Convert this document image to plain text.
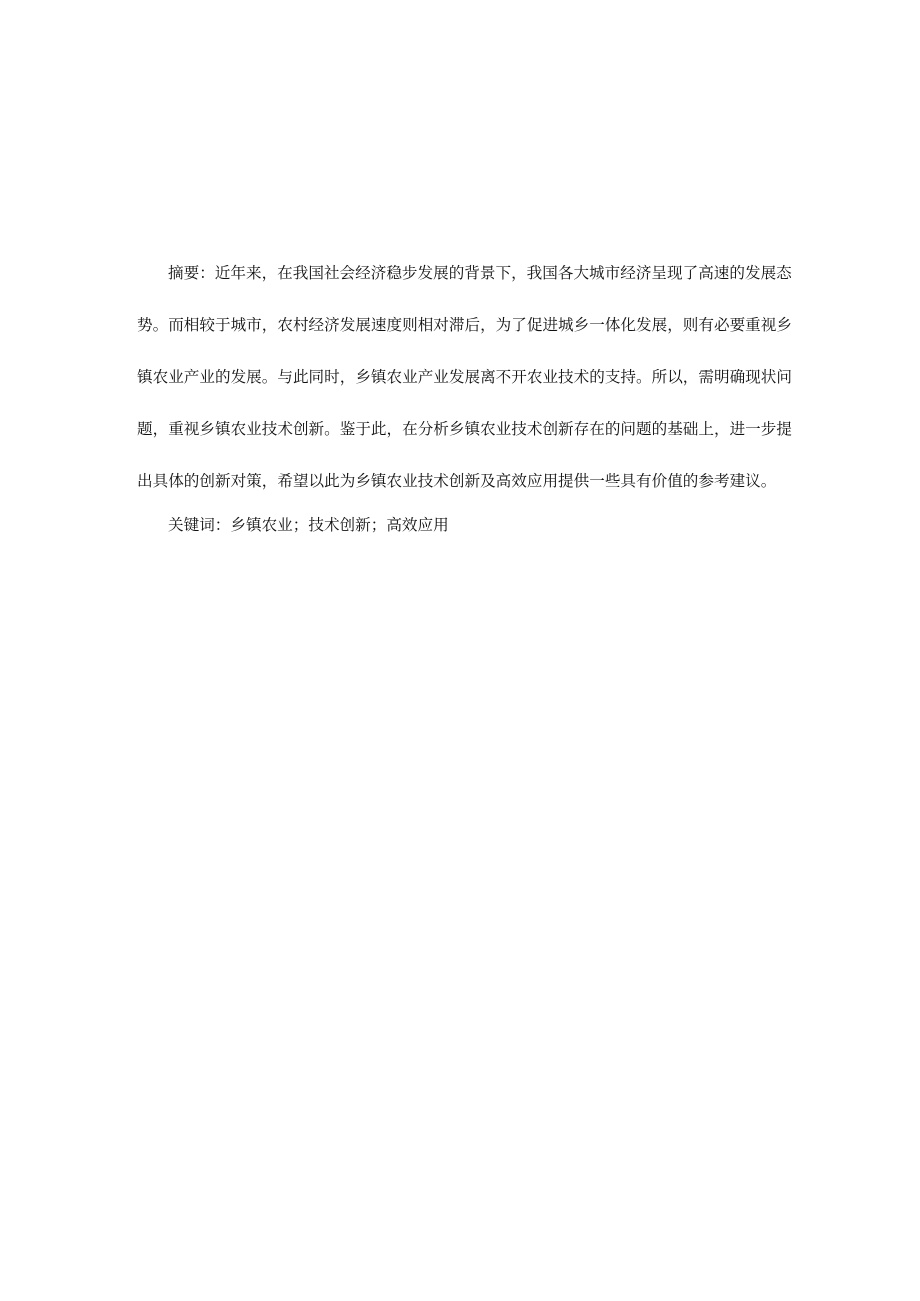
摘要：近年来，在我国社会经济稳步发展的背景下，我国各大城市经济呈现了高速的发展态
势。而相较于城市，农村经济发展速度则相对滞后，为了促进城乡一体化发展，则有必要重视乡
镇农业产业的发展。与此同时，乡镇农业产业发展离不开农业技术的支持。所以，需明确现状问
题，重视乡镇农业技术创新。鉴于此，在分析乡镇农业技术创新存在的问题的基础上，进一步提
出具体的创新对策，希望以此为乡镇农业技术创新及高效应用提供一些具有价值的参考建议。
关键词：乡镇农业；技术创新；高效应用
